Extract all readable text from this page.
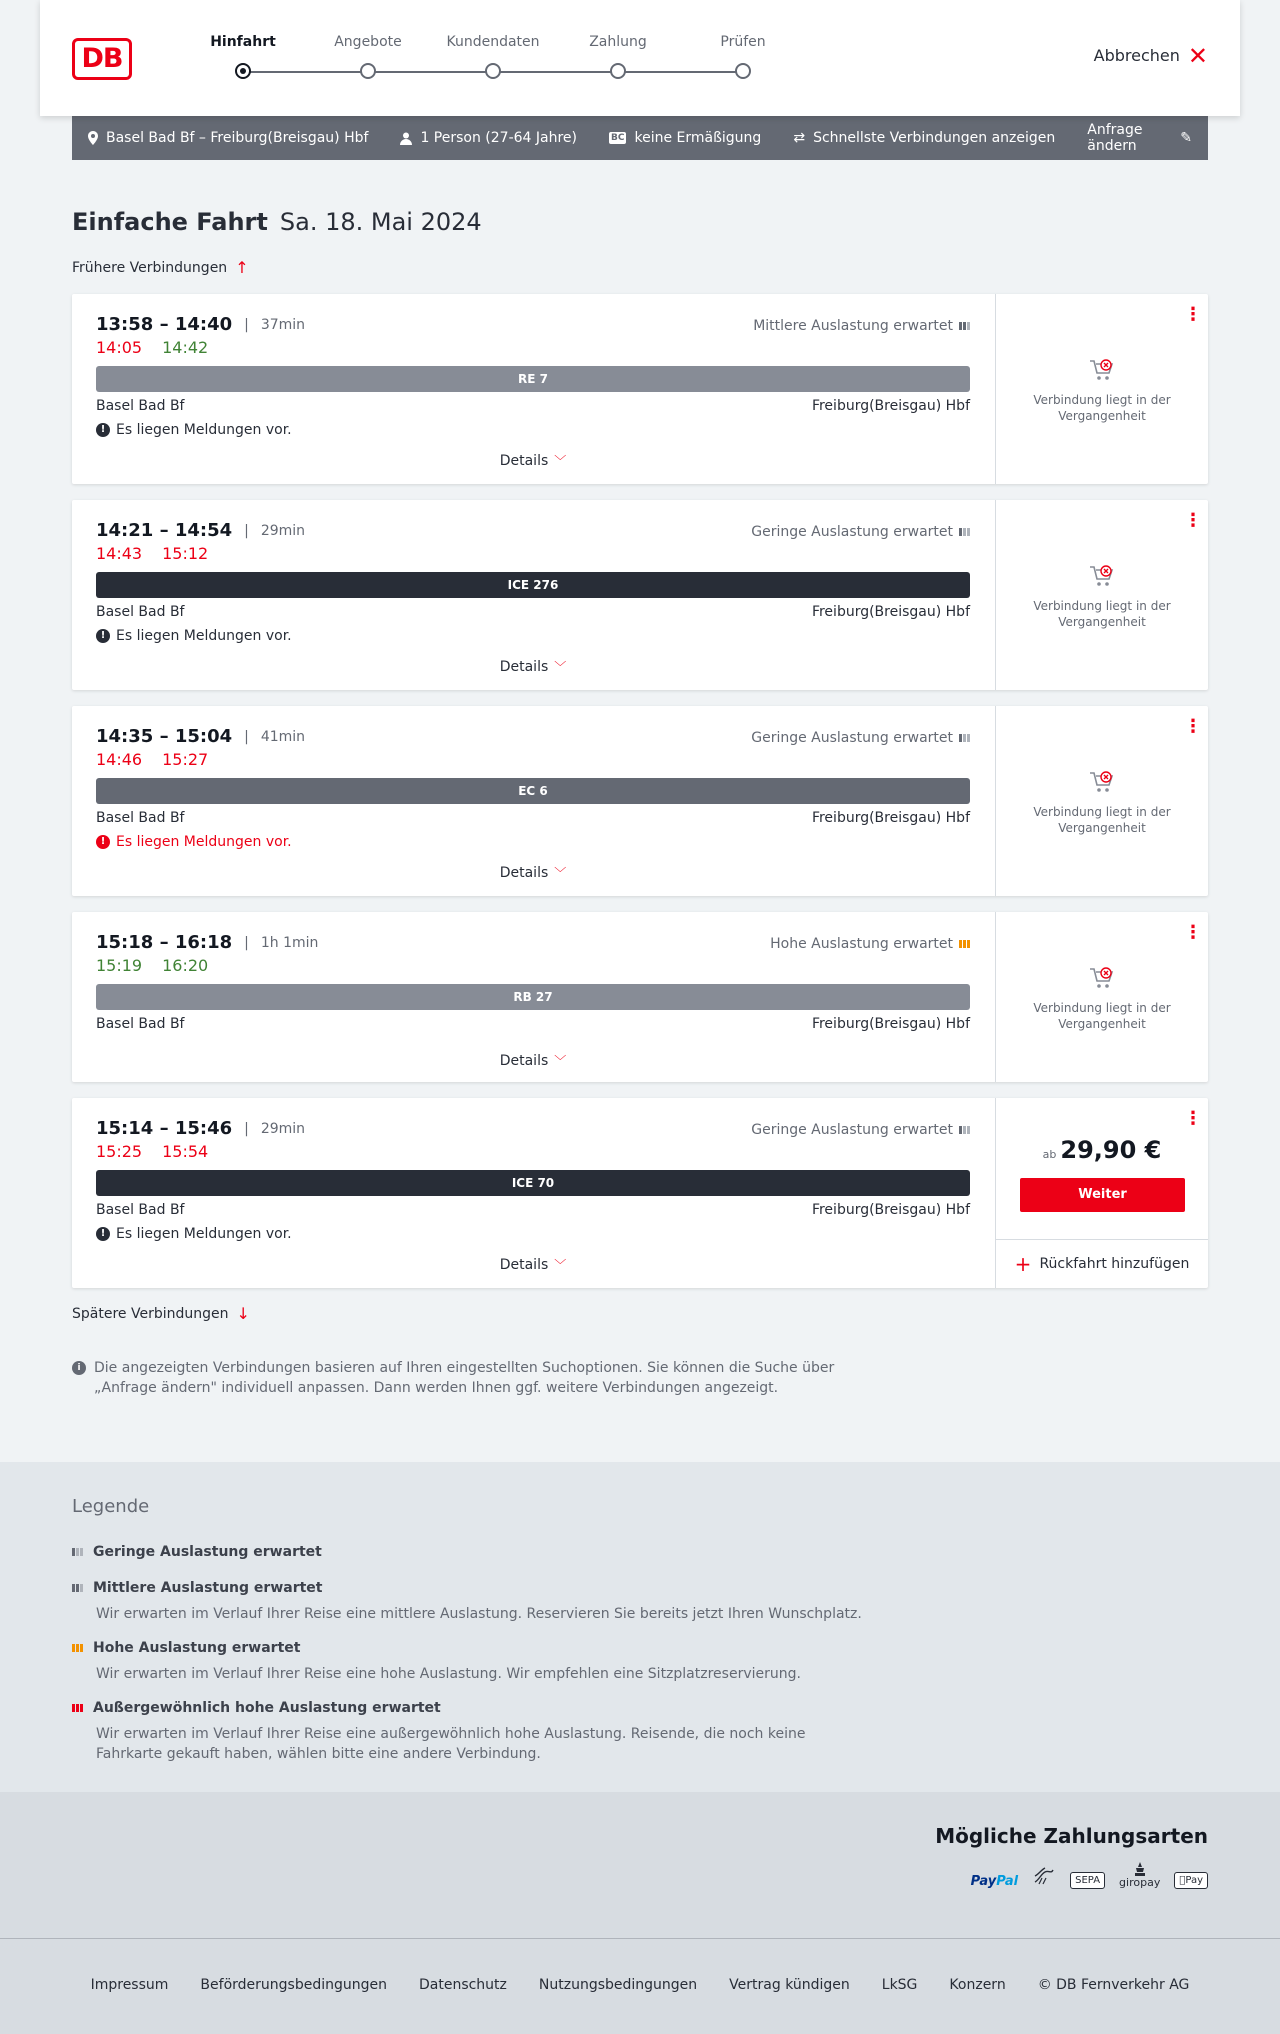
DB
Hinfahrt	Angebote	Kundendaten	Zahlung	Prüfen
Abbrechen ✕
Basel Bad Bf – Freiburg(Breisgau) Hbf	1 Person (27-64 Jahre)	BC keine Ermäßigung ⇄ Schnellste Verbindungen anzeigen Anfrage ändern	✎
Einfache Fahrt Sa. 18. Mai 2024
Frühere Verbindungen ↑
13:58 – 14:40 | 37min
14:05 14:42
Mittlere Auslastung erwartet
RE 7
Basel Bad Bf	Freiburg(Breisgau) Hbf
! Es liegen Meldungen vor.
Details ﹀
⋮
Verbindung liegt in der Vergangenheit
14:21 – 14:54 | 29min
14:43 15:12
Geringe Auslastung erwartet
ICE 276
Basel Bad Bf	Freiburg(Breisgau) Hbf
! Es liegen Meldungen vor.
Details ﹀
⋮
Verbindung liegt in der Vergangenheit
14:35 – 15:04 | 41min
14:46 15:27
Geringe Auslastung erwartet
EC 6
Basel Bad Bf	Freiburg(Breisgau) Hbf
! Es liegen Meldungen vor.
Details ﹀
⋮
Verbindung liegt in der Vergangenheit
15:18 – 16:18 | 1h 1min
15:19 16:20
Hohe Auslastung erwartet
RB 27
Basel Bad Bf	Freiburg(Breisgau) Hbf
Details ﹀
⋮
Verbindung liegt in der Vergangenheit
15:14 – 15:46 | 29min
15:25 15:54
Geringe Auslastung erwartet
ICE 70
Basel Bad Bf	Freiburg(Breisgau) Hbf
! Es liegen Meldungen vor.
Details ﹀
⋮
ab 29,90 €
Weiter
+ Rückfahrt hinzufügen
Spätere Verbindungen ↓
i Die angezeigten Verbindungen basieren auf Ihren eingestellten Suchoptionen. Sie können die Suche über „Anfrage ändern" individuell anpassen. Dann werden Ihnen ggf. weitere Verbindungen angezeigt.
Legende
Geringe Auslastung erwartet
Mittlere Auslastung erwartet
Wir erwarten im Verlauf Ihrer Reise eine mittlere Auslastung. Reservieren Sie bereits jetzt Ihren Wunschplatz.
Hohe Auslastung erwartet
Wir erwarten im Verlauf Ihrer Reise eine hohe Auslastung. Wir empfehlen eine Sitzplatzreservierung.
Außergewöhnlich hohe Auslastung erwartet
Wir erwarten im Verlauf Ihrer Reise eine außergewöhnlich hohe Auslastung. Reisende, die noch keine Fahrkarte gekauft haben, wählen bitte eine andere Verbindung.
Mögliche Zahlungsarten
PayPal	SEPA	giropay	Pay
Impressum Beförderungsbedingungen Datenschutz Nutzungsbedingungen Vertrag kündigen LkSG Konzern © DB Fernverkehr AG
